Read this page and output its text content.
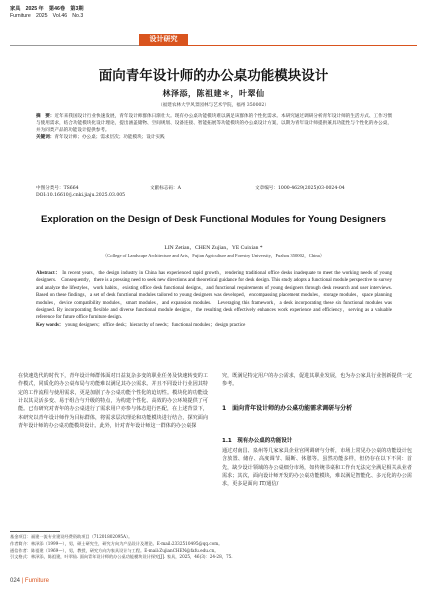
家具　2025 年　第46卷　第3期
Furniture　2025　Vol.46　No.3
设计研究
面向青年设计师的办公桌功能模块设计
林泽添，陈祖建＊，叶翠仙
（福建农林大学风景园林与艺术学院，福州 350002）
摘　要：近年来我国设计行业快速发展，青年设计师群体日渐壮大。现有办公桌功能模块难以满足该群体的个性化需求。本研究通过调研分析青年设计师的生活方式、工作习惯与使用需求，结合功能模块化设计理论，提出涵盖储物、空间规划、设备连接、智能拓展等功能模块的办公桌设计方案，以期为青年设计师提供兼具功能性与个性化的办公桌，并为同类产品的功能设计提供参考。
关键词：青年设计师；办公桌；需求层次；功能模块；设计实践
中图分类号：TS664	文献标志码：A	文章编号：1000-4629(2025)03-0024-04
DOI:10.16610/j.cnki.jiaju.2025.03.005
Exploration on the Design of Desk Functional Modules for Young Designers
LIN Zetian，CHEN Zujian，YE Cuixian *
（College of Landscape Architecture and Arts，Fujian Agriculture and Forestry University，Fuzhou 350002，China）
Abstract： In recent years，the design industry in China has experienced rapid growth，rendering traditional office desks inadequate to meet the working needs of young designers.　Consequently，there is a pressing need to seek new directions and theoretical guidance for desk design. This study adopts a functional module perspective to survey and analyze the lifestyles，work habits，existing office desk functional designs，and functional requirements of young designers through desk research and user interviews. Based on these findings，a set of desk functional modules tailored to young designers was developed，encompassing placement modules，storage modules，space planning modules，device compatibility modules，smart modules，and expansion modules.　Leveraging this framework，a desk incorporating these six functional modules was designed. By incorporating flexible and diverse functional module designs，the resulting desk effectively enhances work experience and efficiency，serving as a valuable reference for future office furniture design.
Key words： young designers；office desk；hierarchy of needs；functional modules；design practice
在快速迭代的时代下，青年设计师群体面对日益复杂多变的职业任务及快速转变的工作模式，同质化的办公桌布局与功能难以满足其办公需求。并且不同设计行业因其特定的工作流程与使用需求，更是加剧了办公桌功能个性化的迫切性。模块化的功能设计以其灵活多变、易于组合与升级的特点，为构建个性化、高效的办公环境提供了可能。已有研究对青年的办公桌进行了需求用户亦参与体态进行匹配，在上述背景下，本研究以青年设计师作为目标群体，将需求层次理论和功能模块进行结合，探究面向青年设计师的办公桌功能模块设计。此外，针对青年设计师这一群体的办公桌探
究，既满足特定用户的办公需求，促进其职业发展，也为办公家具行业创新提供一定参考。
1　面向青年设计师的办公桌功能需求调研与分析
1.1　现有办公桌的功能设计
通过对南昌、泉州等几家家具企业官网调研与分析，市场上常见办公桌的功能设计包含放置、储存、高度调节、隔断、休憩等。虽然功能多样，但仍存在以下不同：首先，缺少设计领域的办公桌细分市场，如传统书桌和工作台无法完全满足相关从业者需求；其次，面向设计师开发的办公桌功能模块，难以满足智能化、多元化的办公需求，更多是面向 IT/通信/
基金项目：福建一流专业建设经费资助项目（71201802095A）。
作者简介：林泽添（1999—），男，硕士研究生，研究方向为产品设计及理论。E-mail:2332510495@qq.com。
通信作者：陈祖建（1969—），男，教授，研究方向为家具设计与工程。E-mail:ZujianCHEN@fafu.edu.cn。
引文格式：林泽添，陈祖建，叶翠仙. 面向青年设计师的办公桌功能模块设计探究[J]. 家具，2025，46(3)：24-28，75.
024 | Furniture
